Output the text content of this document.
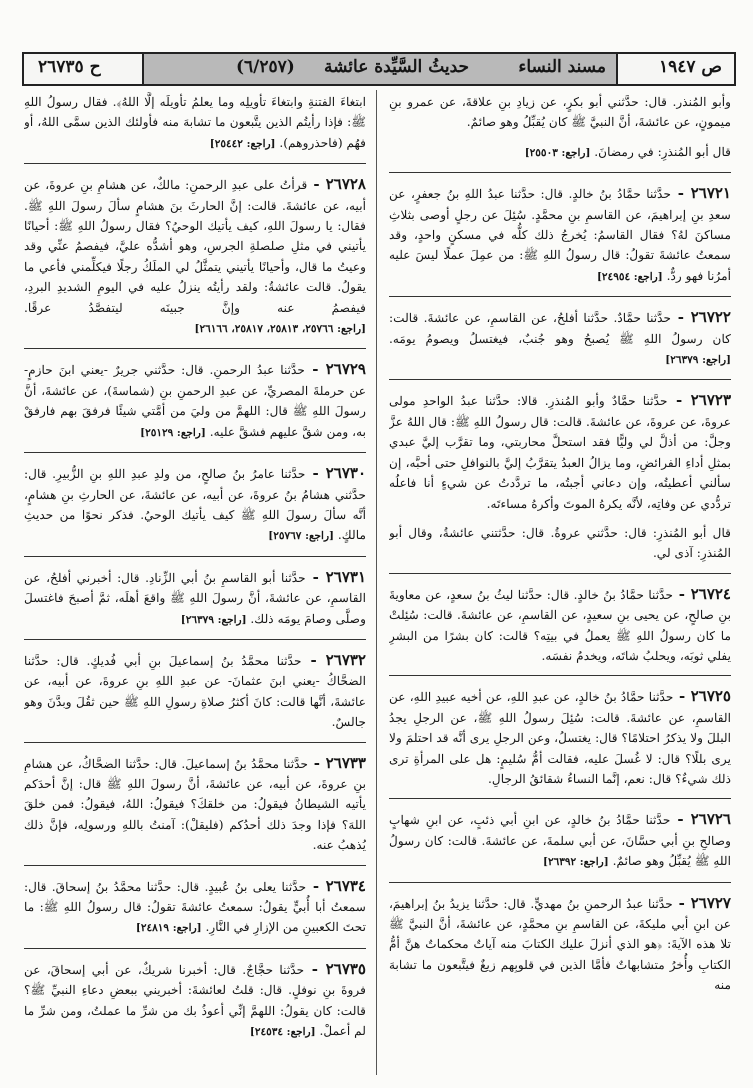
ص ١٩٤٧
مسند النساء
حديثُ السَّيِّدة عائشة
(٦/٢٥٧)
ح ٢٦٧٣٥
وأبو المُنذر. قال: حدَّثني أبو بكرٍ، عن زيادِ بنِ علاقةَ، عن عمرو بنِ ميمونٍ، عن عائشةَ، أنَّ النبيَّ ﷺ كان يُقبِّلُ وهو صائمٌ.
قال أبو المُنذرِ: في رمضانَ. [راجع: ٢٥٥٠٣]
٢٦٧٢١ - حدَّثنا حمَّادُ بنُ خالدٍ. قال: حدَّثنا عبدُ اللهِ بنُ جعفرٍ، عن سعدِ بنِ إبراهيمَ، عن القاسمِ بنِ محمَّدٍ. سُئِلَ عن رجلٍ أوصى بثلاثِ مساكنَ لهُ؟ فقال القاسمُ: يُخرجُ ذلك كلُّه في مسكنٍ واحدٍ، وقد سمعتُ عائشةَ تقولُ: قال رسولُ اللهِ ﷺ: من عمِلَ عملًا ليسَ عليه أمرُنا فهو ردٌّ. [راجع: ٢٤٩٥٤]
٢٦٧٢٢ - حدَّثنا حمَّادٌ. حدَّثنا أفلحُ، عن القاسمِ، عن عائشةَ. قالت: كان رسولُ اللهِ ﷺ يُصبحُ وهو جُنبٌ، فيغتسلُ ويصومُ يومَه. [راجع: ٢٦٣٧٩]
٢٦٧٢٣ - حدَّثنا حمَّادٌ وأبو المُنذرِ. قالا: حدَّثنا عبدُ الواحدِ مولى عروةَ، عن عروةَ، عن عائشةَ. قالت: قال رسولُ اللهِ ﷺ: قال اللهُ عزَّ وجلَّ: من أذلَّ لي وليًّا فقد استحلَّ محاربتي، وما تقرَّب إليَّ عبدي بمثلِ أداءِ الفرائضِ، وما يزالُ العبدُ يتقرَّبُ إليَّ بالنوافلِ حتى أحبَّه، إن سألني أعطيتُه، وإن دعاني أجبتُه، ما تردَّدتُ عن شيءٍ أنا فاعلُه تردُّدي عن وفاتِه، لأنَّه يكرهُ الموتَ وأكرهُ مساءتَه.
قال أبو المُنذرِ: قال: حدَّثني عروةُ. قال: حدَّثتني عائشةُ، وقال أبو المُنذرِ: آذى لي.
٢٦٧٢٤ - حدَّثنا حمَّادُ بنُ خالدٍ. قال: حدَّثنا ليثُ بنُ سعدٍ، عن معاويةَ بنِ صالحٍ، عن يحيى بنِ سعيدٍ، عن القاسمِ، عن عائشةَ. قالت: سُئِلتْ ما كان رسولُ اللهِ ﷺ يعملُ في بيتِه؟ قالت: كان بشرًا من البشرِ يفلي ثوبَه، ويحلبُ شاتَه، ويخدمُ نفسَه.
٢٦٧٢٥ - حدَّثنا حمَّادُ بنُ خالدٍ، عن عبدِ اللهِ، عن أخيه عبيدِ اللهِ، عن القاسمِ، عن عائشةَ. قالت: سُئِلَ رسولُ اللهِ ﷺ، عن الرجلِ يجدُ البللَ ولا يذكرُ احتلامًا؟ قال: يغتسلُ، وعن الرجلِ يرى أنَّه قد احتلمَ ولا يرى بللًا؟ قال: لا غُسلَ عليه، فقالت أمُّ سُليمٍ: هل على المرأةِ ترى ذلك شيءٌ؟ قال: نعم، إنَّما النساءُ شقائقُ الرجالِ.
٢٦٧٢٦ - حدَّثنا حمَّادُ بنُ خالدٍ، عن ابنِ أبي ذئبٍ، عن ابنِ شهابٍ وصالحِ بنِ أبي حسَّانَ، عن أبي سلمةَ، عن عائشةَ. قالت: كان رسولُ اللهِ ﷺ يُقبِّلُ وهو صائمٌ. [راجع: ٢٦٣٩٢]
٢٦٧٢٧ - حدَّثنا عبدُ الرحمنِ بنُ مهديٍّ. قال: حدَّثنا يزيدُ بنُ إبراهيمَ، عن ابنِ أبي مليكةَ، عن القاسمِ بنِ محمَّدٍ، عن عائشةَ، أنَّ النبيَّ ﷺ تلا هذه الآيةَ: ﴿هو الذي أنزلَ عليك الكتابَ منه آياتٌ محكماتٌ هنَّ أمُّ الكتابِ وأُخرُ متشابهاتٌ فأمَّا الذين في قلوبِهم زيغٌ فيتَّبعون ما تشابهَ منه
ابتغاءَ الفتنةِ وابتغاءَ تأويلِه وما يعلمُ تأويلَه إلَّا اللهُ﴾. فقال رسولُ اللهِ ﷺ: فإذا رأيتُم الذين يتَّبعون ما تشابهَ منه فأولئك الذين سمَّى اللهُ، أو فهُم (فاحذروهم). [راجع: ٢٥٤٤٢]
٢٦٧٢٨ - قرأتُ على عبدِ الرحمنِ: مالكٌ، عن هشامِ بنِ عروةَ، عن أبيه، عن عائشةَ. قالت: إنَّ الحارثَ بنَ هشامٍ سألَ رسولَ اللهِ ﷺ. فقال: يا رسولَ اللهِ، كيف يأتيك الوحيُ؟ فقال رسولُ اللهِ ﷺ: أحيانًا يأتيني في مثلِ صلصلةِ الجرسِ، وهو أشدُّه عليَّ، فيفصمُ عنِّي وقد وعيتُ ما قال، وأحيانًا يأتيني يتمثَّلُ لي الملَكُ رجلًا فيكلِّمني فأعي ما يقولُ. قالت عائشةُ: ولقد رأيتُه ينزلُ عليه في اليومِ الشديدِ البردِ، فيفصمُ عنه وإنَّ جبينَه ليتفصَّدُ عرقًا. [راجع: ٢٥٧٦٦، ٢٥٨١٣، ٢٥٨١٧، ٢٦١٦٦]
٢٦٧٢٩ - حدَّثنا عبدُ الرحمنِ. قال: حدَّثني جريرٌ -يعني ابنَ حازمٍ- عن حرملةَ المصريِّ، عن عبدِ الرحمنِ بنِ (شماسةَ)، عن عائشةَ، أنَّ رسولَ اللهِ ﷺ قال: اللهمَّ من وليَ من أمَّتي شيئًا فرفقَ بهم فارفقْ به، ومن شقَّ عليهم فشقَّ عليه. [راجع: ٢٥١٢٩]
٢٦٧٣٠ - حدَّثنا عامرُ بنُ صالحٍ، من ولدِ عبدِ اللهِ بنِ الزُّبيرِ. قال: حدَّثني هشامُ بنُ عروةَ، عن أبيه، عن عائشةَ، عن الحارثِ بنِ هشامٍ، أنَّه سألَ رسولَ اللهِ ﷺ كيف يأتيك الوحيُ. فذكر نحوًا من حديثِ مالكٍ. [راجع: ٢٥٧٦٧]
٢٦٧٣١ - حدَّثنا أبو القاسمِ بنُ أبي الزِّنادِ. قال: أخبرني أفلحُ، عن القاسمِ، عن عائشةَ، أنَّ رسولَ اللهِ ﷺ واقعَ أهلَه، ثمَّ أصبحَ فاغتسلَ وصلَّى وصامَ يومَه ذلك. [راجع: ٢٦٣٧٩]
٢٦٧٣٢ - حدَّثنا محمَّدُ بنُ إسماعيلَ بنِ أبي فُديكٍ. قال: حدَّثنا الضحَّاكُ -يعني ابنَ عثمانَ- عن عبدِ اللهِ بنِ عروةَ، عن أبيه، عن عائشةَ، أنَّها قالت: كانَ أكثرُ صلاةِ رسولِ اللهِ ﷺ حين ثقُلَ وبدَّنَ وهو جالسٌ.
٢٦٧٣٣ - حدَّثنا محمَّدُ بنُ إسماعيلَ. قال: حدَّثنا الضحَّاكُ، عن هشامِ بنِ عروةَ، عن أبيه، عن عائشةَ، أنَّ رسولَ اللهِ ﷺ قال: إنَّ أحدَكم يأتيه الشيطانُ فيقولُ: من خلقكَ؟ فيقولُ: اللهُ، فيقولُ: فمن خلقَ اللهَ؟ فإذا وجدَ ذلك أحدُكم (فليقلْ): آمنتُ باللهِ ورسولِه، فإنَّ ذلك يُذهبُ عنه.
٢٦٧٣٤ - حدَّثنا يعلى بنُ عُبيدٍ. قال: حدَّثنا محمَّدُ بنُ إسحاقَ. قال: سمعتُ أبا أُبيٍّ يقولُ: سمعتُ عائشةَ تقولُ: قال رسولُ اللهِ ﷺ: ما تحتَ الكعبينِ من الإزارِ في النَّارِ. [راجع: ٢٤٨١٩]
٢٦٧٣٥ - حدَّثنا حجَّاجٌ. قال: أخبرنا شريكٌ، عن أبي إسحاقَ، عن فروةَ بنِ نوفلٍ. قال: قلتُ لعائشةَ: أخبريني ببعضِ دعاءِ النبيِّ ﷺ؟ قالت: كان يقولُ: اللهمَّ إنِّي أعوذُ بك من شرِّ ما عملتُ، ومن شرِّ ما لم أعملْ. [راجع: ٢٤٥٣٤]
